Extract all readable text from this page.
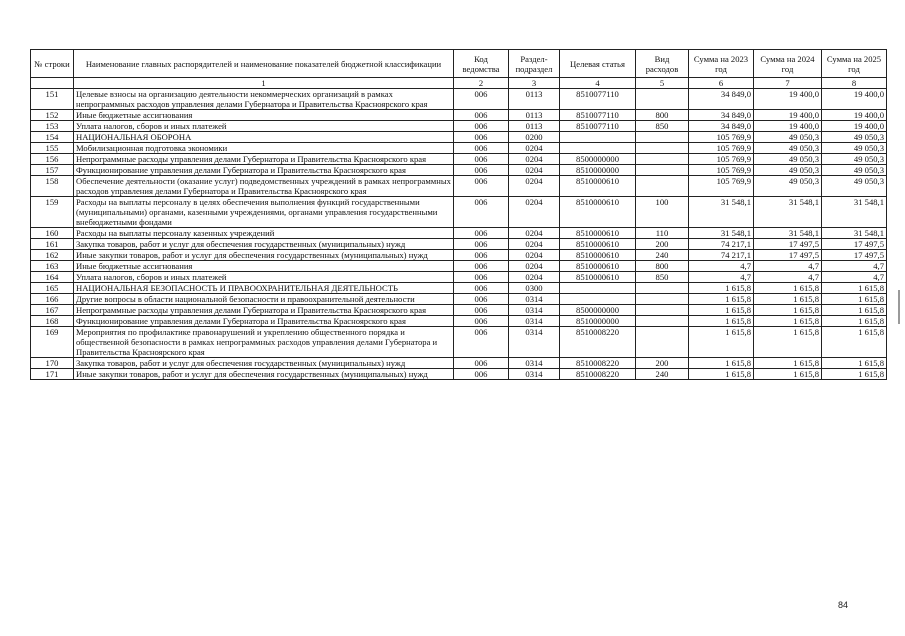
№ строки	Наименование главных распорядителей и наименование показателей бюджетной классификации	Код ведомства	Раздел-подраздел	Целевая статья	Вид расходов	Сумма на 2023 год	Сумма на 2024 год	Сумма на 2025 год
	1	2	3	4	5	6	7	8
151	Целевые взносы на организацию деятельности некоммерческих организаций в рамках непрограммных расходов управления делами Губернатора и Правительства Красноярского края	006	0113	8510077110		34 849,0	19 400,0	19 400,0
152	Иные бюджетные ассигнования	006	0113	8510077110	800	34 849,0	19 400,0	19 400,0
153	Уплата налогов, сборов и иных платежей	006	0113	8510077110	850	34 849,0	19 400,0	19 400,0
154	НАЦИОНАЛЬНАЯ ОБОРОНА	006	0200			105 769,9	49 050,3	49 050,3
155	Мобилизационная подготовка экономики	006	0204			105 769,9	49 050,3	49 050,3
156	Непрограммные расходы управления делами Губернатора и Правительства Красноярского края	006	0204	8500000000		105 769,9	49 050,3	49 050,3
157	Функционирование управления делами Губернатора и Правительства Красноярского края	006	0204	8510000000		105 769,9	49 050,3	49 050,3
158	Обеспечение деятельности (оказание услуг) подведомственных учреждений в рамках непрограммных расходов управления делами Губернатора и Правительства Красноярского края	006	0204	8510000610		105 769,9	49 050,3	49 050,3
159	Расходы на выплаты персоналу в целях обеспечения выполнения функций государственными (муниципальными) органами, казенными учреждениями, органами управления государственными внебюджетными фондами	006	0204	8510000610	100	31 548,1	31 548,1	31 548,1
160	Расходы на выплаты персоналу казенных учреждений	006	0204	8510000610	110	31 548,1	31 548,1	31 548,1
161	Закупка товаров, работ и услуг для обеспечения государственных (муниципальных) нужд	006	0204	8510000610	200	74 217,1	17 497,5	17 497,5
162	Иные закупки товаров, работ и услуг для обеспечения государственных (муниципальных) нужд	006	0204	8510000610	240	74 217,1	17 497,5	17 497,5
163	Иные бюджетные ассигнования	006	0204	8510000610	800	4,7	4,7	4,7
164	Уплата налогов, сборов и иных платежей	006	0204	8510000610	850	4,7	4,7	4,7
165	НАЦИОНАЛЬНАЯ БЕЗОПАСНОСТЬ И ПРАВООХРАНИТЕЛЬНАЯ ДЕЯТЕЛЬНОСТЬ	006	0300			1 615,8	1 615,8	1 615,8
166	Другие вопросы в области национальной безопасности и правоохранительной деятельности	006	0314			1 615,8	1 615,8	1 615,8
167	Непрограммные расходы управления делами Губернатора и Правительства Красноярского края	006	0314	8500000000		1 615,8	1 615,8	1 615,8
168	Функционирование управления делами Губернатора и Правительства Красноярского края	006	0314	8510000000		1 615,8	1 615,8	1 615,8
169	Мероприятия по профилактике правонарушений и укреплению общественного порядка и общественной безопасности в рамках непрограммных расходов управления делами Губернатора и Правительства Красноярского края	006	0314	8510008220		1 615,8	1 615,8	1 615,8
170	Закупка товаров, работ и услуг для обеспечения государственных (муниципальных) нужд	006	0314	8510008220	200	1 615,8	1 615,8	1 615,8
171	Иные закупки товаров, работ и услуг для обеспечения государственных (муниципальных) нужд	006	0314	8510008220	240	1 615,8	1 615,8	1 615,8
84
